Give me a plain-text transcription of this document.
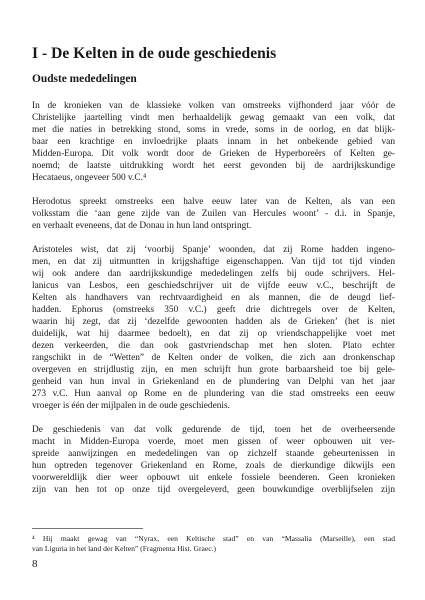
I - De Kelten in de oude geschiedenis
Oudste mededelingen

In de kronieken van de klassieke volken van omstreeks vijfhonderd jaar vóór de

Christelijke jaartelling vindt men herhaaldelijk gewag gemaakt van een volk, dat

met die naties in betrekking stond, soms in vrede, soms in de oorlog, en dat blijk-

baar een krachtige en invloedrijke plaats innam in het onbekende gebied van

Midden-Europa. Dit volk wordt door de Grieken de Hyperboreërs of Kelten ge-

noemd; de laatste uitdrukking wordt het eerst gevonden bij de aardrijkskundige

Hecataeus, ongeveer 500 v.C.⁴

Herodotus spreekt omstreeks een halve eeuw later van de Kelten, als van een

volksstam die ‘aan gene zijde van de Zuilen van Hercules woont’ - d.i. in Spanje,

en verhaalt eveneens, dat de Donau in hun land ontspringt.

Aristoteles wist, dat zij ‘voorbij Spanje’ woonden, dat zij Rome hadden ingeno-

men, en dat zij uitmuntten in krijgshaftige eigenschappen. Van tijd tot tijd vinden

wij ook andere dan aardrijkskundige mededelingen zelfs bij oude schrijvers. Hel-

lanicus van Lesbos, een geschiedschrijver uit de vijfde eeuw v.C., beschrijft de

Kelten als handhavers van rechtvaardigheid en als mannen, die de deugd lief-

hadden. Ephorus (omstreeks 350 v.C.) geeft drie dichtregels over de Kelten,

waarin hij zegt, dat zij ‘dezelfde gewoonten hadden als de Grieken’ (het is niet

duidelijk, wat hij daarmee bedoelt), en dat zij op vriendschappelijke voet met

dezen verkeerden, die dan ook gastvriendschap met hen sloten. Plato echter

rangschikt in de “Wetten” de Kelten onder de volken, die zich aan dronkenschap

overgeven en strijdlustig zijn, en men schrijft hun grote barbaarsheid toe bij gele-

genheid van hun inval in Griekenland en de plundering van Delphi van het jaar

273 v.C. Hun aanval op Rome en de plundering van die stad omstreeks een eeuw

vroeger is één der mijlpalen in de oude geschiedenis.

De geschiedenis van dat volk gedurende de tijd, toen het de overheersende

macht in Midden-Europa voerde, moet men gissen of weer opbouwen uit ver-

spreide aanwijzingen en mededelingen van op zichzelf staande gebeurtenissen in

hun optreden tegenover Griekenland en Rome, zoals de dierkundige dikwijls een

voorwereldlijk dier weer opbouwt uit enkele fossiele beenderen. Geen kronieken

zijn van hen tot op onze tijd overgeleverd, geen bouwkundige overblijfselen zijn

⁴ Hij maakt gewag van “Nyrax, een Keltische stad” en van “Massalia (Marseille), een stad

van Liguria in het land der Kelten” (Fragmenta Hist. Graec.)

8
